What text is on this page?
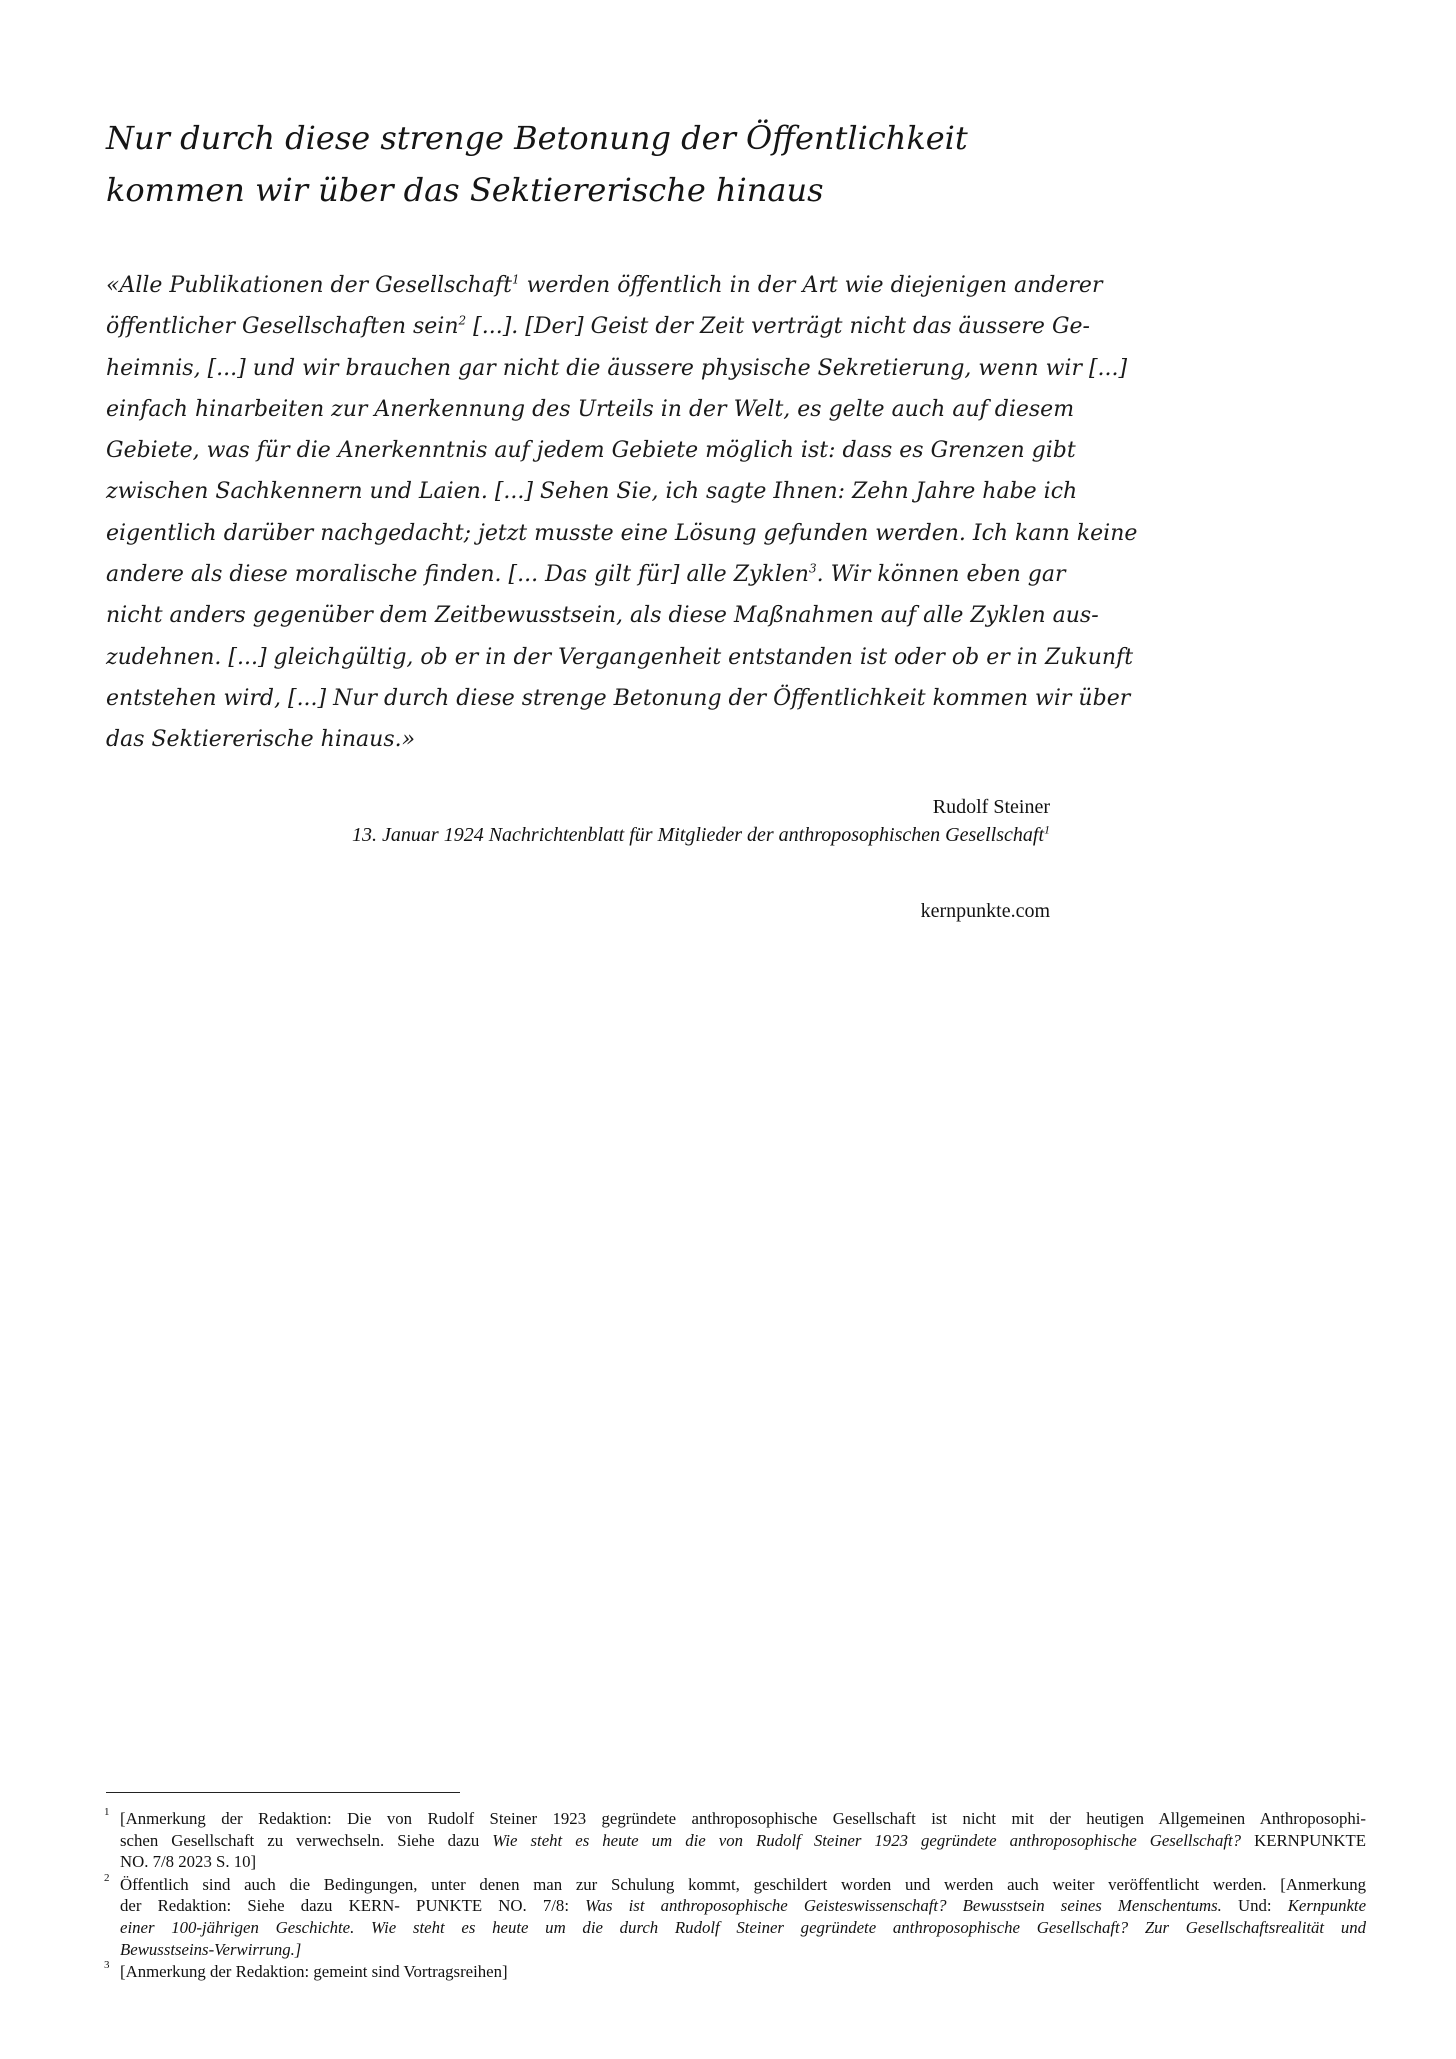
Nur durch diese strenge Betonung der Öffentlichkeit
kommen wir über das Sektiererische hinaus
«Alle Publikationen der Gesellschaft$^1$ werden öffentlich in der Art wie diejenigen anderer
öffentlicher Gesellschaften sein$^2$ [...]. [Der] Geist der Zeit verträgt nicht das äussere Ge-
heimnis, [...] und wir brauchen gar nicht die äussere physische Sekretierung, wenn wir [...]
einfach hinarbeiten zur Anerkennung des Urteils in der Welt, es gelte auch auf diesem
Gebiete, was für die Anerkenntnis auf jedem Gebiete möglich ist: dass es Grenzen gibt
zwischen Sachkennern und Laien. [...] Sehen Sie, ich sagte Ihnen: Zehn Jahre habe ich
eigentlich darüber nachgedacht; jetzt musste eine Lösung gefunden werden. Ich kann keine
andere als diese moralische finden. [... Das gilt für] alle Zyklen$^3$. Wir können eben gar
nicht anders gegenüber dem Zeitbewusstsein, als diese Maßnahmen auf alle Zyklen aus-
zudehnen. [...] gleichgültig, ob er in der Vergangenheit entstanden ist oder ob er in Zukunft
entstehen wird, [...] Nur durch diese strenge Betonung der Öffentlichkeit kommen wir über
das Sektiererische hinaus.»
Rudolf Steiner
13. Januar 1924 Nachrichtenblatt für Mitglieder der anthroposophischen Gesellschaft$^1$
kernpunkte.com
1 [Anmerkung der Redaktion: Die von Rudolf Steiner 1923 gegründete anthroposophische Gesellschaft ist nicht mit der heutigen Allgemeinen Anthroposophi-
schen Gesellschaft zu verwechseln. Siehe dazu Wie steht es heute um die von Rudolf Steiner 1923 gegründete anthroposophische Gesellschaft? KERNPUNKTE
NO. 7/8 2023 S. 10]
2 Öffentlich sind auch die Bedingungen, unter denen man zur Schulung kommt, geschildert worden und werden auch weiter veröffentlicht werden. [Anmerkung
der Redaktion: Siehe dazu KERN- PUNKTE NO. 7/8: Was ist anthroposophische Geisteswissenschaft? Bewusstsein seines Menschentums. Und: Kernpunkte
einer 100-jährigen Geschichte. Wie steht es heute um die durch Rudolf Steiner gegründete anthroposophische Gesellschaft? Zur Gesellschaftsrealität und
Bewusstseins-Verwirrung.]
3 [Anmerkung der Redaktion: gemeint sind Vortragsreihen]
